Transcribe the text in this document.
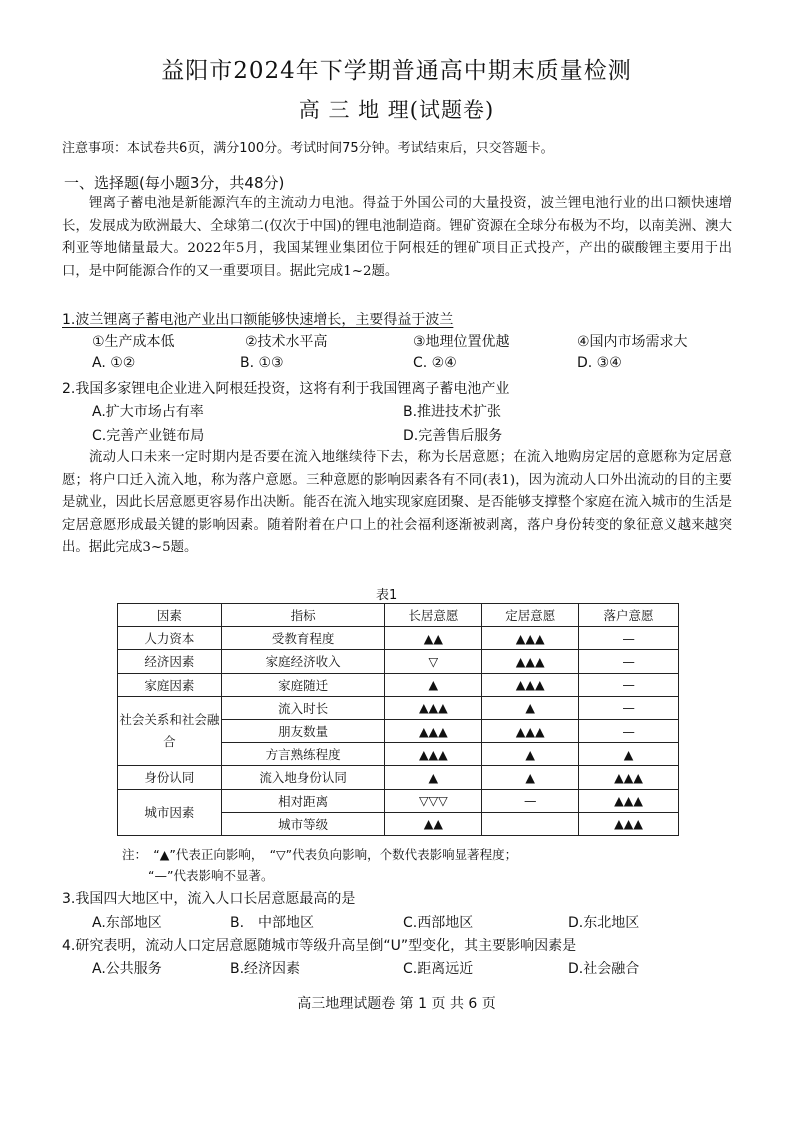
益阳市2024年下学期普通高中期末质量检测
高 三 地 理(试题卷)
注意事项：本试卷共6页，满分100分。考试时间75分钟。考试结束后，只交答题卡。
一、选择题(每小题3分，共48分)
锂离子蓄电池是新能源汽车的主流动力电池。得益于外国公司的大量投资，波兰锂电池行业的出口额快速增长，发展成为欧洲最大、全球第二(仅次于中国)的锂电池制造商。锂矿资源在全球分布极为不均，以南美洲、澳大利亚等地储量最大。2022年5月，我国某锂业集团位于阿根廷的锂矿项目正式投产，产出的碳酸锂主要用于出口，是中阿能源合作的又一重要项目。据此完成1~2题。
1.波兰锂离子蓄电池产业出口额能够快速增长，主要得益于波兰
①生产成本低	②技术水平高	③地理位置优越	④国内市场需求大
A. ①②	B. ①③	C. ②④	D. ③④
2.我国多家锂电企业进入阿根廷投资，这将有利于我国锂离子蓄电池产业
A.扩大市场占有率	B.推进技术扩张
C.完善产业链布局	D.完善售后服务
流动人口未来一定时期内是否要在流入地继续待下去，称为长居意愿；在流入地购房定居的意愿称为定居意愿；将户口迁入流入地，称为落户意愿。三种意愿的影响因素各有不同(表1)，因为流动人口外出流动的目的主要是就业，因此长居意愿更容易作出决断。能否在流入地实现家庭团聚、是否能够支撑整个家庭在流入城市的生活是定居意愿形成最关键的影响因素。随着附着在户口上的社会福利逐渐被剥离，落户身份转变的象征意义越来越突出。据此完成3~5题。
表1
因素	指标	长居意愿	定居意愿	落户意愿
人力资本	受教育程度	▲▲	▲▲▲	—
经济因素	家庭经济收入	▽	▲▲▲	—
家庭因素	家庭随迁	▲	▲▲▲	—
社会关系和社会融合	流入时长	▲▲▲	▲	—
	朋友数量	▲▲▲	▲▲▲	—
	方言熟练程度	▲▲▲	▲	▲
身份认同	流入地身份认同	▲	▲	▲▲▲
城市因素	相对距离	▽▽▽	—	▲▲▲
	城市等级	▲▲		▲▲▲
注：　“▲”代表正向影响，　“▽”代表负向影响，个数代表影响显著程度；
“—”代表影响不显著。
3.我国四大地区中，流入人口长居意愿最高的是
A.东部地区	B.　中部地区	C.西部地区	D.东北地区
4.研究表明，流动人口定居意愿随城市等级升高呈倒“U”型变化，其主要影响因素是
A.公共服务	B.经济因素	C.距离远近	D.社会融合
高三地理试题卷 第 1 页 共 6 页
